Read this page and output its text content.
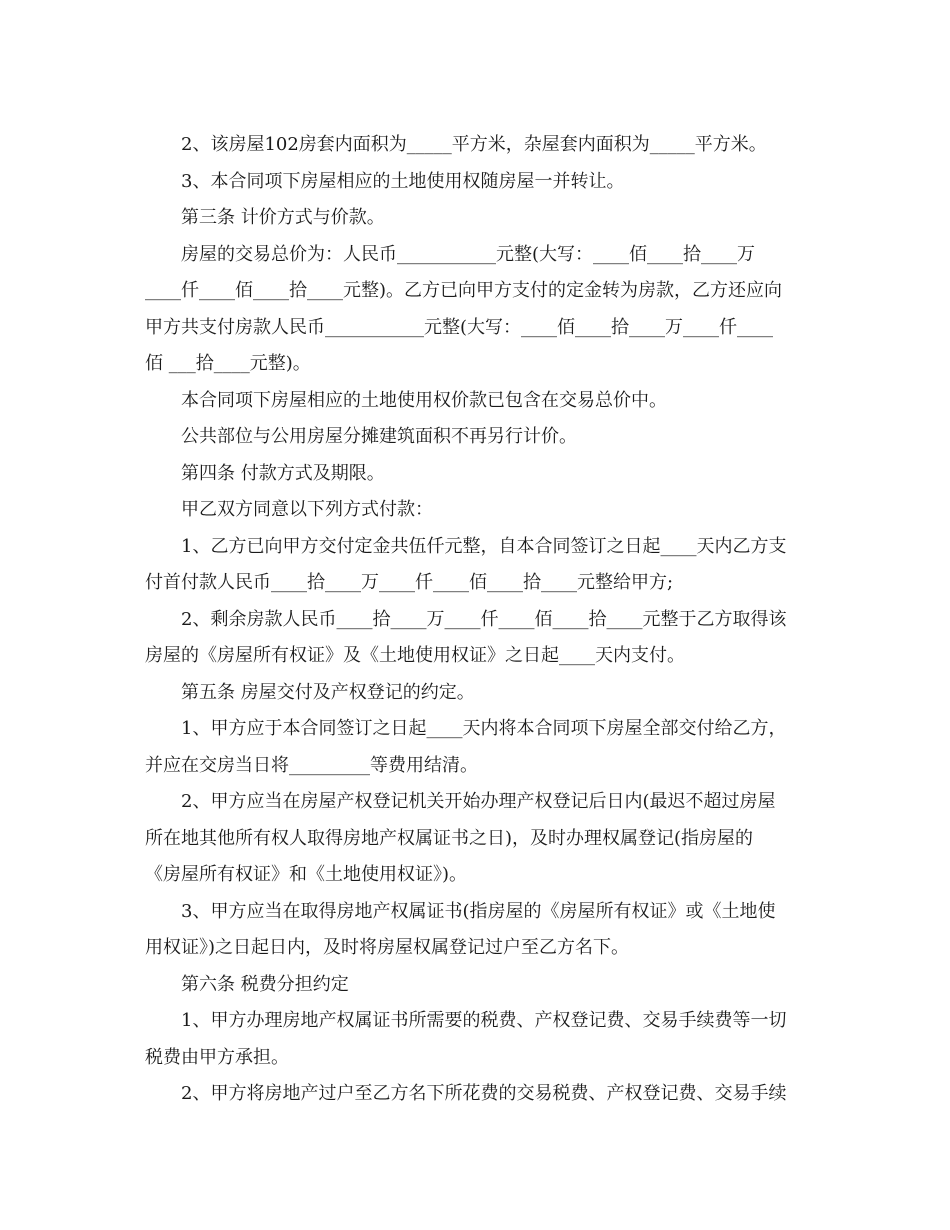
2、该房屋102房套内面积为_____平方米，杂屋套内面积为_____平方米。
3、本合同项下房屋相应的土地使用权随房屋一并转让。
第三条 计价方式与价款。
房屋的交易总价为：人民币___________元整(大写：____佰____拾____万
____仟____佰____拾____元整)。乙方已向甲方支付的定金转为房款，乙方还应向
甲方共支付房款人民币___________元整(大写：____佰____拾____万____仟____
佰 ___拾____元整)。
本合同项下房屋相应的土地使用权价款已包含在交易总价中。
公共部位与公用房屋分摊建筑面积不再另行计价。
第四条 付款方式及期限。
甲乙双方同意以下列方式付款：
1、乙方已向甲方交付定金共伍仟元整，自本合同签订之日起____天内乙方支
付首付款人民币____拾____万____仟____佰____拾____元整给甲方;
2、剩余房款人民币____拾____万____仟____佰____拾____元整于乙方取得该
房屋的《房屋所有权证》及《土地使用权证》之日起____天内支付。
第五条 房屋交付及产权登记的约定。
1、甲方应于本合同签订之日起____天内将本合同项下房屋全部交付给乙方，
并应在交房当日将_________等费用结清。
2、甲方应当在房屋产权登记机关开始办理产权登记后日内(最迟不超过房屋
所在地其他所有权人取得房地产权属证书之日)，及时办理权属登记(指房屋的
《房屋所有权证》和《土地使用权证》)。
3、甲方应当在取得房地产权属证书(指房屋的《房屋所有权证》或《土地使
用权证》)之日起日内，及时将房屋权属登记过户至乙方名下。
第六条 税费分担约定
1、甲方办理房地产权属证书所需要的税费、产权登记费、交易手续费等一切
税费由甲方承担。
2、甲方将房地产过户至乙方名下所花费的交易税费、产权登记费、交易手续
